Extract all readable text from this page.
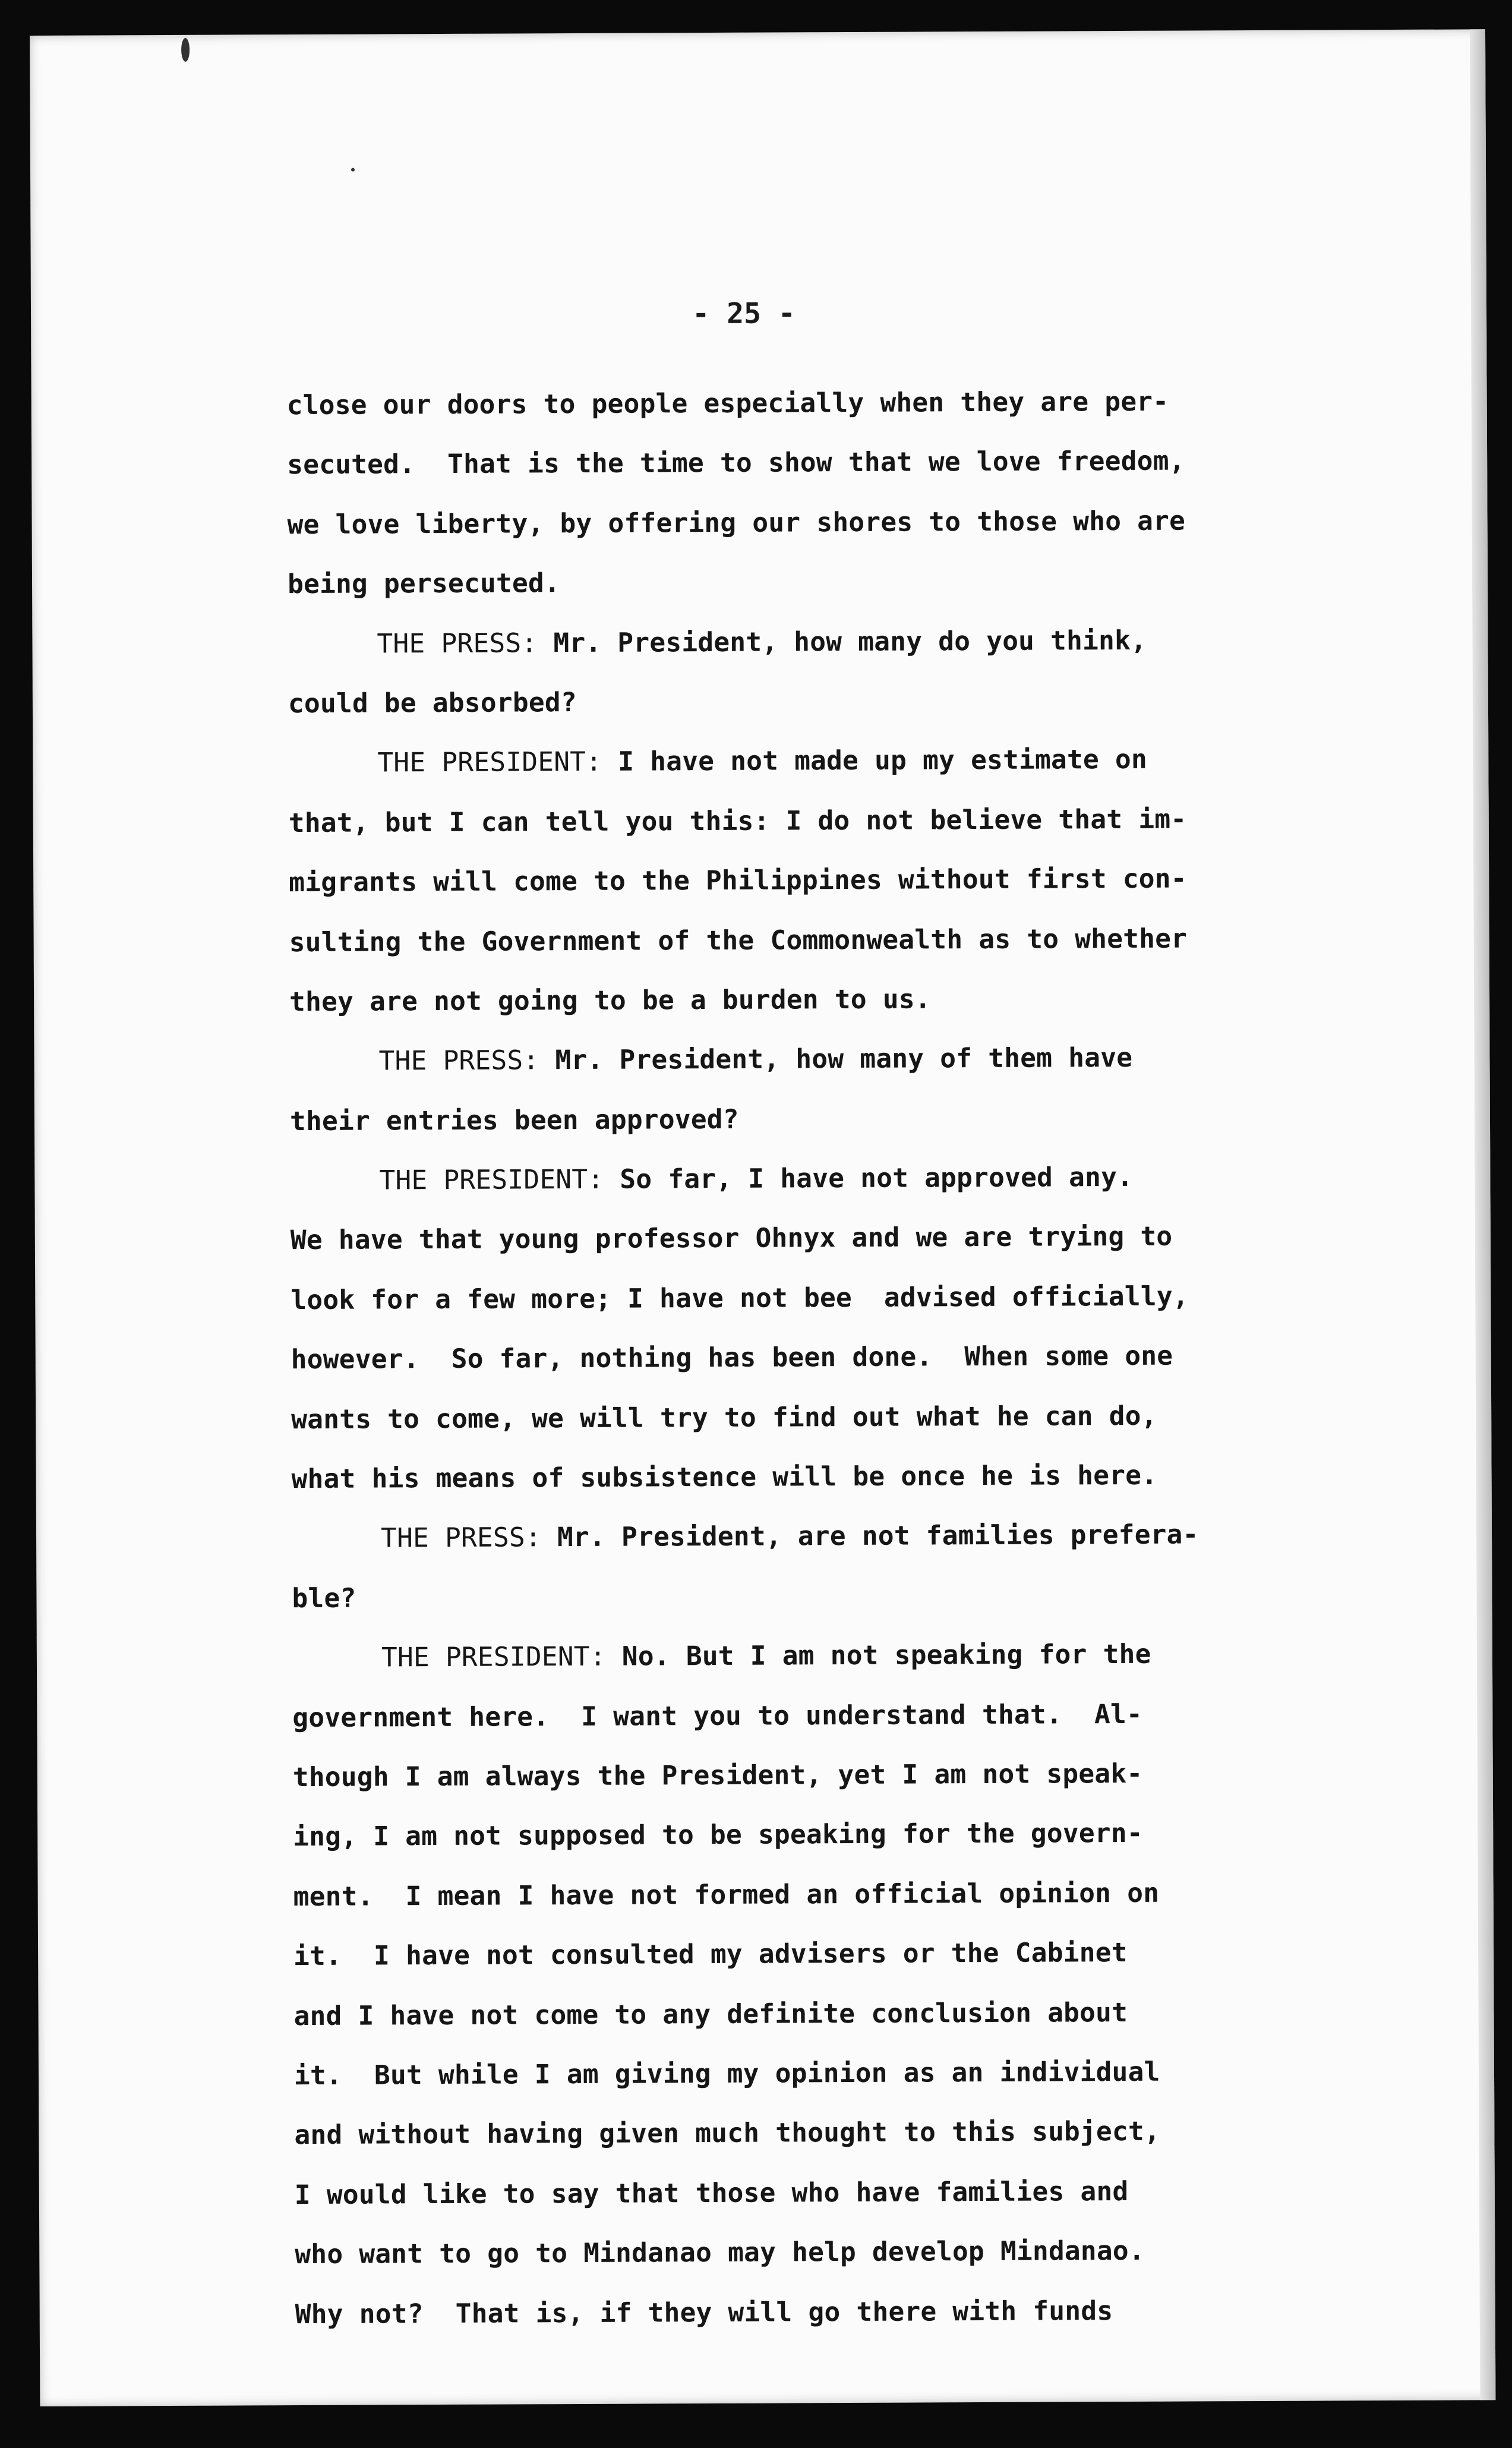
- 25 -
close our doors to people especially when they are per-
secuted.  That is the time to show that we love freedom,
we love liberty, by offering our shores to those who are
being persecuted.
THE PRESS: Mr. President, how many do you think,
could be absorbed?
THE PRESIDENT: I have not made up my estimate on
that, but I can tell you this: I do not believe that im-
migrants will come to the Philippines without first con-
sulting the Government of the Commonwealth as to whether
they are not going to be a burden to us.
THE PRESS: Mr. President, how many of them have
their entries been approved?
THE PRESIDENT: So far, I have not approved any.
We have that young professor Ohnyx and we are trying to
look for a few more; I have not bee  advised officially,
however.  So far, nothing has been done.  When some one
wants to come, we will try to find out what he can do,
what his means of subsistence will be once he is here.
THE PRESS: Mr. President, are not families prefera-
ble?
THE PRESIDENT: No. But I am not speaking for the
government here.  I want you to understand that.  Al-
though I am always the President, yet I am not speak-
ing, I am not supposed to be speaking for the govern-
ment.  I mean I have not formed an official opinion on
it.  I have not consulted my advisers or the Cabinet
and I have not come to any definite conclusion about
it.  But while I am giving my opinion as an individual
and without having given much thought to this subject,
I would like to say that those who have families and
who want to go to Mindanao may help develop Mindanao.
Why not?  That is, if they will go there with funds
